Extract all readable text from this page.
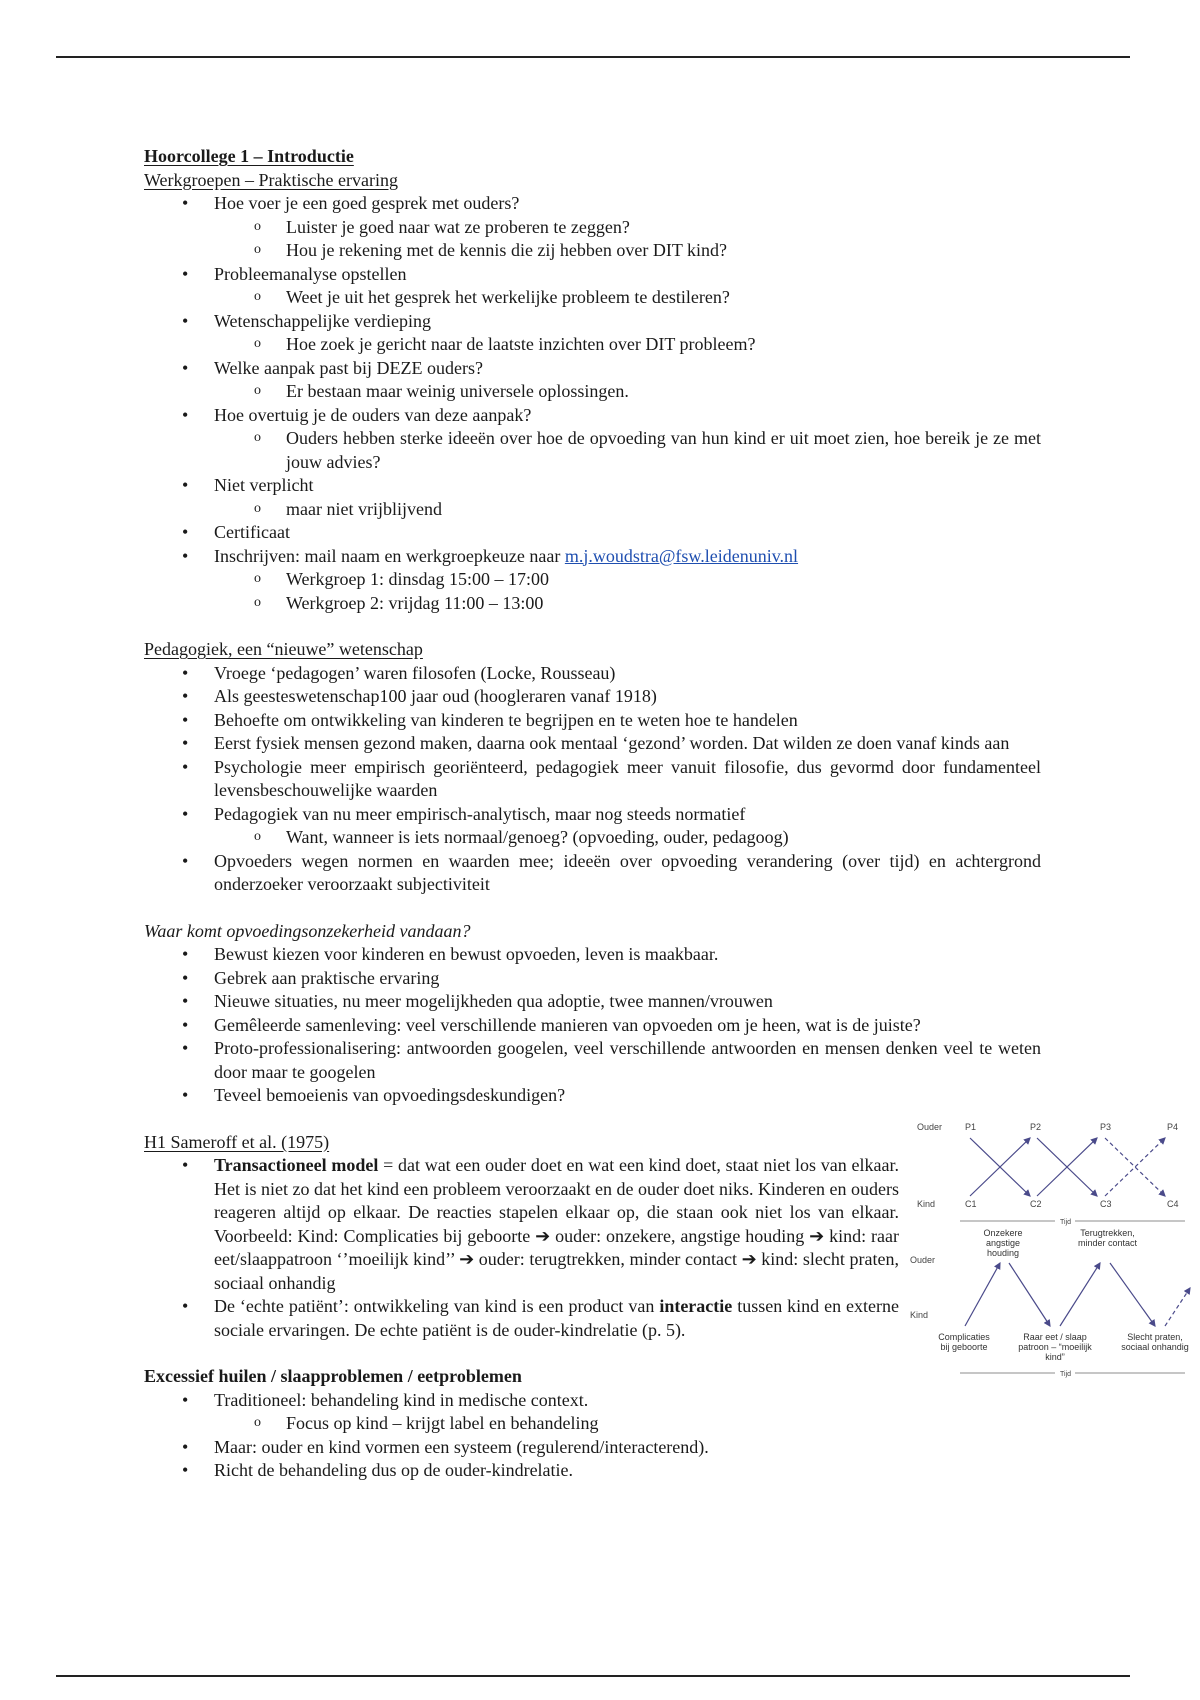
Hoorcollege 1 – Introductie
Werkgroepen – Praktische ervaring
• Hoe voer je een goed gesprek met ouders?
o Luister je goed naar wat ze proberen te zeggen?
o Hou je rekening met de kennis die zij hebben over DIT kind?
• Probleemanalyse opstellen
o Weet je uit het gesprek het werkelijke probleem te destileren?
• Wetenschappelijke verdieping
o Hoe zoek je gericht naar de laatste inzichten over DIT probleem?
• Welke aanpak past bij DEZE ouders?
o Er bestaan maar weinig universele oplossingen.
• Hoe overtuig je de ouders van deze aanpak?
o Ouders hebben sterke ideeën over hoe de opvoeding van hun kind er uit moet zien, hoe bereik je ze met jouw advies?
• Niet verplicht
o maar niet vrijblijvend
• Certificaat
• Inschrijven: mail naam en werkgroepkeuze naar m.j.woudstra@fsw.leidenuniv.nl
o Werkgroep 1: dinsdag 15:00 – 17:00
o Werkgroep 2: vrijdag 11:00 – 13:00
Pedagogiek, een “nieuwe” wetenschap
• Vroege ‘pedagogen’ waren filosofen (Locke, Rousseau)
• Als geesteswetenschap100 jaar oud (hoogleraren vanaf 1918)
• Behoefte om ontwikkeling van kinderen te begrijpen en te weten hoe te handelen
• Eerst fysiek mensen gezond maken, daarna ook mentaal ‘gezond’ worden. Dat wilden ze doen vanaf kinds aan
• Psychologie meer empirisch georiënteerd, pedagogiek meer vanuit filosofie, dus gevormd door fundamenteel levensbeschouwelijke waarden
• Pedagogiek van nu meer empirisch-analytisch, maar nog steeds normatief
o Want, wanneer is iets normaal/genoeg? (opvoeding, ouder, pedagoog)
• Opvoeders wegen normen en waarden mee; ideeën over opvoeding verandering (over tijd) en achtergrond onderzoeker veroorzaakt subjectiviteit
Waar komt opvoedingsonzekerheid vandaan?
• Bewust kiezen voor kinderen en bewust opvoeden, leven is maakbaar.
• Gebrek aan praktische ervaring
• Nieuwe situaties, nu meer mogelijkheden qua adoptie, twee mannen/vrouwen
• Gemêleerde samenleving: veel verschillende manieren van opvoeden om je heen, wat is de juiste?
• Proto-professionalisering: antwoorden googelen, veel verschillende antwoorden en mensen denken veel te weten door maar te googelen
• Teveel bemoeienis van opvoedingsdeskundigen?
H1 Sameroff et al. (1975)
• Transactioneel model = dat wat een ouder doet en wat een kind doet, staat niet los van elkaar. Het is niet zo dat het kind een probleem veroorzaakt en de ouder doet niks. Kinderen en ouders reageren altijd op elkaar. De reacties stapelen elkaar op, die staan ook niet los van elkaar. Voorbeeld: Kind: Complicaties bij geboorte ➔ ouder: onzekere, angstige houding ➔ kind: raar eet/slaappatroon ‘’moeilijk kind’’ ➔ ouder: terugtrekken, minder contact ➔ kind: slecht praten, sociaal onhandig
• De ‘echte patiënt’: ontwikkeling van kind is een product van interactie tussen kind en externe sociale ervaringen. De echte patiënt is de ouder-kindrelatie (p. 5).
Excessief huilen / slaapproblemen / eetproblemen
• Traditioneel: behandeling kind in medische context.
o Focus op kind – krijgt label en behandeling
• Maar: ouder en kind vormen een systeem (regulerend/interacterend).
• Richt de behandeling dus op de ouder-kindrelatie.
Ouder
Kind
P1	P2	P3	P4
C1	C2	C3	C4
Tijd
Ouder
Kind
Tijd
Onzekere angstige houding
Terugtrekken, minder contact
Complicaties bij geboorte
Raar eet / slaap patroon – “moeilijk kind”
Slecht praten, sociaal onhandig
